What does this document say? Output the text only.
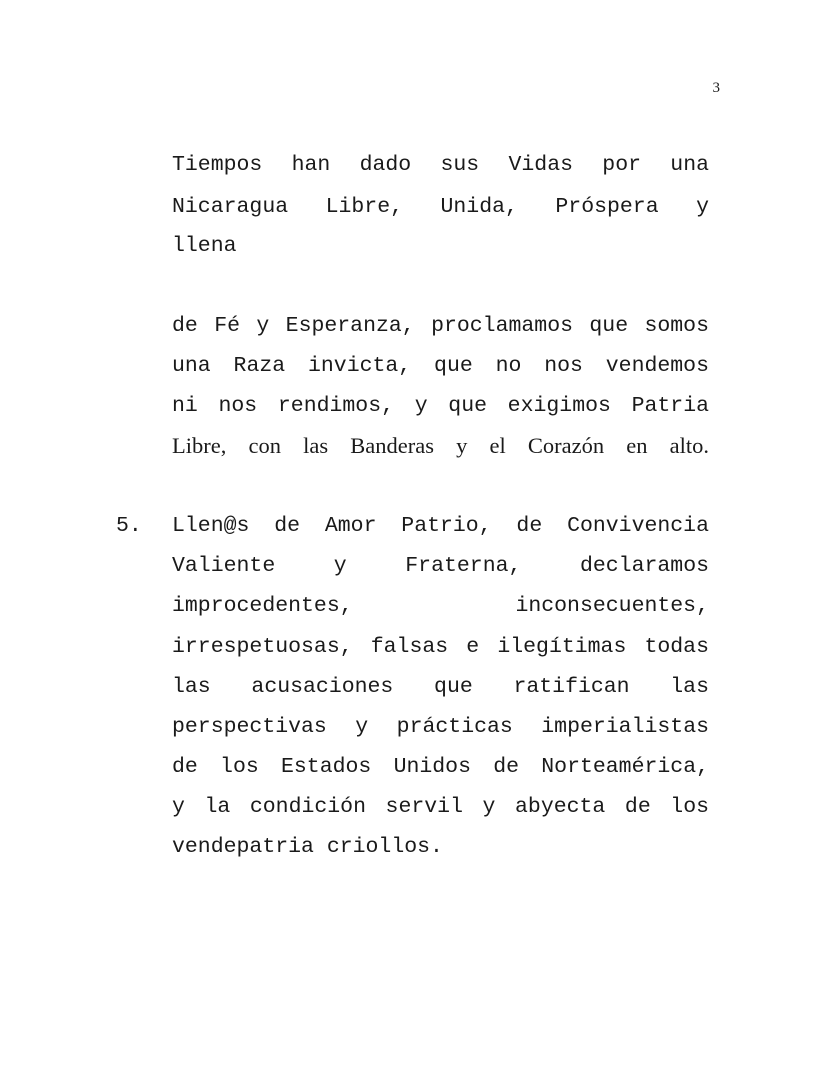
3
Tiempos han dado sus Vidas por una
Nicaragua Libre, Unida, Próspera y
llena
de Fé y Esperanza, proclamamos que somos
una Raza invicta, que no nos vendemos
ni nos rendimos, y que exigimos Patria
Libre, con las Banderas y el Corazón en alto.
5. Llen@s de Amor Patrio, de Convivencia
Valiente y Fraterna, declaramos
improcedentes, inconsecuentes,
irrespetuosas, falsas e ilegítimas todas
las acusaciones que ratifican las
perspectivas y prácticas imperialistas
de los Estados Unidos de Norteamérica,
y la condición servil y abyecta de los
vendepatria criollos.
